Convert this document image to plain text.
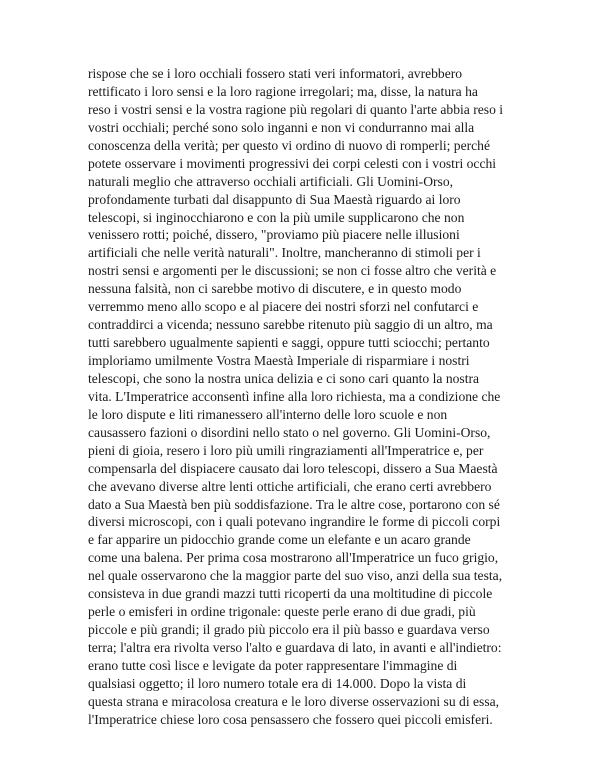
rispose che se i loro occhiali fossero stati veri informatori, avrebbero
rettificato i loro sensi e la loro ragione irregolari; ma, disse, la natura ha
reso i vostri sensi e la vostra ragione più regolari di quanto l'arte abbia reso i
vostri occhiali; perché sono solo inganni e non vi condurranno mai alla
conoscenza della verità; per questo vi ordino di nuovo di romperli; perché
potete osservare i movimenti progressivi dei corpi celesti con i vostri occhi
naturali meglio che attraverso occhiali artificiali. Gli Uomini-Orso,
profondamente turbati dal disappunto di Sua Maestà riguardo ai loro
telescopi, si inginocchiarono e con la più umile supplicarono che non
venissero rotti; poiché, dissero, "proviamo più piacere nelle illusioni
artificiali che nelle verità naturali". Inoltre, mancheranno di stimoli per i
nostri sensi e argomenti per le discussioni; se non ci fosse altro che verità e
nessuna falsità, non ci sarebbe motivo di discutere, e in questo modo
verremmo meno allo scopo e al piacere dei nostri sforzi nel confutarci e
contraddirci a vicenda; nessuno sarebbe ritenuto più saggio di un altro, ma
tutti sarebbero ugualmente sapienti e saggi, oppure tutti sciocchi; pertanto
imploriamo umilmente Vostra Maestà Imperiale di risparmiare i nostri
telescopi, che sono la nostra unica delizia e ci sono cari quanto la nostra
vita. L'Imperatrice acconsentì infine alla loro richiesta, ma a condizione che
le loro dispute e liti rimanessero all'interno delle loro scuole e non
causassero fazioni o disordini nello stato o nel governo. Gli Uomini-Orso,
pieni di gioia, resero i loro più umili ringraziamenti all'Imperatrice e, per
compensarla del dispiacere causato dai loro telescopi, dissero a Sua Maestà
che avevano diverse altre lenti ottiche artificiali, che erano certi avrebbero
dato a Sua Maestà ben più soddisfazione. Tra le altre cose, portarono con sé
diversi microscopi, con i quali potevano ingrandire le forme di piccoli corpi
e far apparire un pidocchio grande come un elefante e un acaro grande
come una balena. Per prima cosa mostrarono all'Imperatrice un fuco grigio,
nel quale osservarono che la maggior parte del suo viso, anzi della sua testa,
consisteva in due grandi mazzi tutti ricoperti da una moltitudine di piccole
perle o emisferi in ordine trigonale: queste perle erano di due gradi, più
piccole e più grandi; il grado più piccolo era il più basso e guardava verso
terra; l'altra era rivolta verso l'alto e guardava di lato, in avanti e all'indietro:
erano tutte così lisce e levigate da poter rappresentare l'immagine di
qualsiasi oggetto; il loro numero totale era di 14.000. Dopo la vista di
questa strana e miracolosa creatura e le loro diverse osservazioni su di essa,
l'Imperatrice chiese loro cosa pensassero che fossero quei piccoli emisferi.
